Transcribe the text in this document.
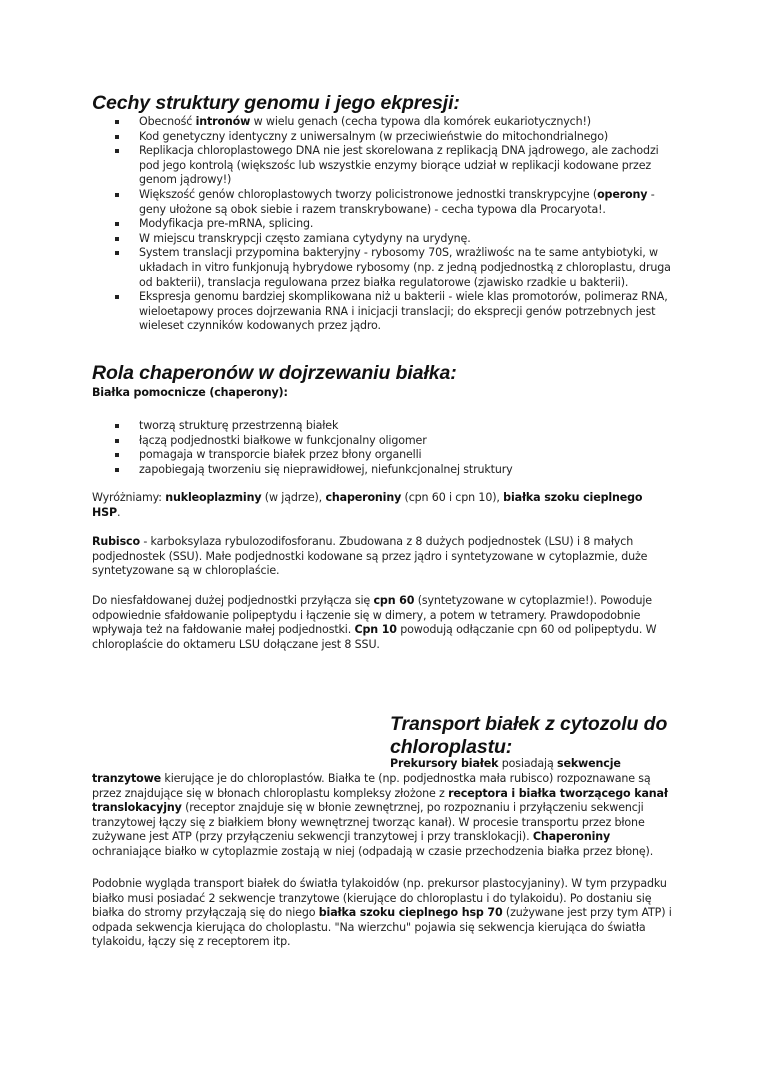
Cechy struktury genomu i jego ekpresji:
Obecność intronów w wielu genach (cecha typowa dla komórek eukariotycznych!)
Kod genetyczny identyczny z uniwersalnym (w przeciwieństwie do mitochondrialnego)
Replikacja chloroplastowego DNA nie jest skorelowana z replikacją DNA jądrowego, ale zachodzi pod jego kontrolą (większośc lub wszystkie enzymy biorące udział w replikacji kodowane przez genom jądrowy!)
Większość genów chloroplastowych tworzy policistronowe jednostki transkrypcyjne (operony - geny ułożone są obok siebie i razem transkrybowane) - cecha typowa dla Procaryota!.
Modyfikacja pre-mRNA, splicing.
W miejscu transkrypcji często zamiana cytydyny na urydynę.
System translacji przypomina bakteryjny - rybosomy 70S, wrażliwośc na te same antybiotyki, w układach in vitro funkjonują hybrydowe rybosomy (np. z jedną podjednostką z chloroplastu, druga od bakterii), translacja regulowana przez białka regulatorowe (zjawisko rzadkie u bakterii).
Ekspresja genomu bardziej skomplikowana niż u bakterii - wiele klas promotorów, polimeraz RNA, wieloetapowy proces dojrzewania RNA i inicjacji translacji; do ekspreсji genów potrzebnych jest wieleset czynników kodowanych przez jądro.
Rola chaperonów w dojrzewaniu białka:

Białka pomocnicze (chaperony):

tworzą strukturę przestrzenną białek
łączą podjednostki białkowe w funkcjonalny oligomer
pomagaja w transporcie białek przez błony organelli
zapobiegają tworzeniu się nieprawidłowej, niefunkcjonalnej struktury

Wyróżniamy: nukleoplazminy (w jądrze), chaperoniny (cpn 60 i cpn 10), białka szoku cieplnego HSP.

Rubisco - karboksylaza rybulozodifosforanu. Zbudowana z 8 dużych podjednostek (LSU) i 8 małych podjednostek (SSU). Małe podjednostki kodowane są przez jądro i syntetyzowane w cytoplazmie, duże syntetyzowane są w chloroplaście.

Do niesfałdowanej dużej podjednostki przyłącza się cpn 60 (syntetyzowane w cytoplazmie!). Powoduje odpowiednie sfałdowanie polipeptydu i łączenie się w dimery, a potem w tetramery. Prawdopodobnie wpływaja też na fałdowanie małej podjednostki. Cpn 10 powodują odłączanie cpn 60 od polipeptydu. W chloroplaście do oktameru LSU dołączane jest 8 SSU.

Transport białek z cytozolu do
chloroplastu:

Prekursory białek posiadają sekwencje

tranzytowe kierujące je do chloroplastów. Białka te (np. podjednostka mała rubisco) rozpoznawane są przez znajdujące się w błonach chloroplastu kompleksy złożone z receptora i białka tworzącego kanał translokacyjny (receptor znajduje się w błonie zewnętrznej, po rozpoznaniu i przyłączeniu sekwencji tranzytowej łączy się z białkiem błony wewnętrznej tworząc kanał). W procesie transportu przez błone zużywane jest ATP (przy przyłączeniu sekwencji tranzytowej i przy transklokacji). Chaperoniny ochraniające białko w cytoplazmie zostają w niej (odpadają w czasie przechodzenia białka przez błonę).

Podobnie wygląda transport białek do światła tylakoidów (np. prekursor plastocyjaniny). W tym przypadku białko musi posiadać 2 sekwencje tranzytowe (kierujące do chloroplastu i do tylakoidu). Po dostaniu się białka do stromy przyłączają się do niego białka szoku cieplnego hsp 70 (zużywane jest przy tym ATP) i odpada sekwencja kierująca do choloplastu. "Na wierzchu" pojawia się sekwencja kierująca do światła tylakoidu, łączy się z receptorem itp.
